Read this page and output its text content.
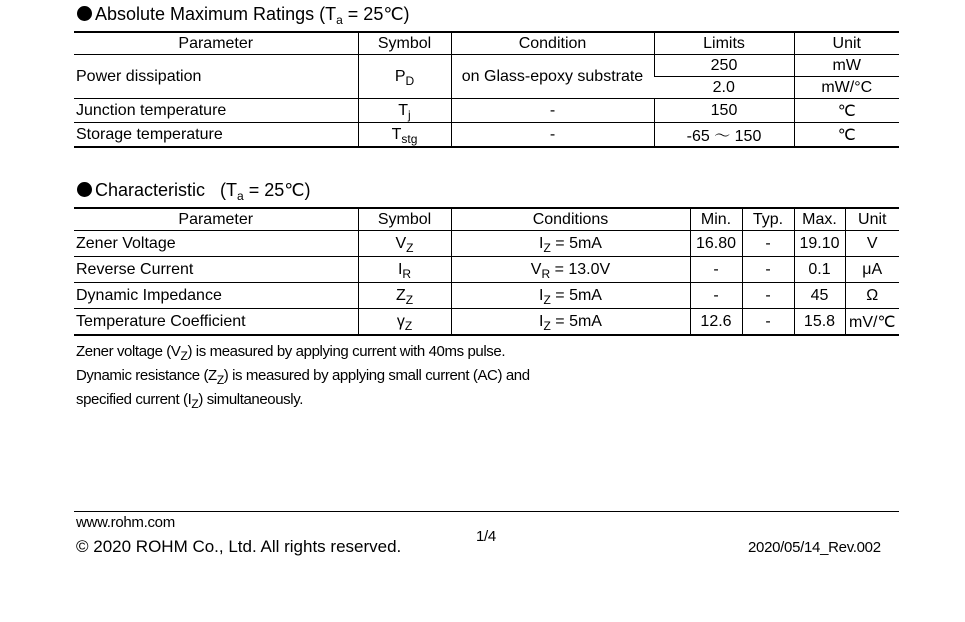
Absolute Maximum Ratings ($T_a$ = 25℃)
Parameter	Symbol	Condition	Limits	Unit
Power dissipation	$P_D$	on Glass-epoxy substrate	250	mW
			2.0	mW/°C
Junction temperature	$T_j$	-	150	℃
Storage temperature	$T_{stg}$	-	-65 ～ 150	℃
Characteristic ($T_a$ = 25℃)
Parameter	Symbol	Conditions	Min.	Typ.	Max.	Unit
Zener Voltage	$V_Z$	$I_Z = 5mA$	16.80	-	19.10	V
Reverse Current	$I_R$	$V_R = 13.0V$	-	-	0.1	μA
Dynamic Impedance	$Z_Z$	$I_Z = 5mA$	-	-	45	Ω
Temperature Coefficient	$\gamma_Z$	$I_Z = 5mA$	12.6	-	15.8	mV/℃
Zener voltage $(V_Z)$ is measured by applying current with 40ms pulse.
Dynamic resistance $(Z_Z)$ is measured by applying small current (AC) and
specified current $(I_Z)$ simultaneously.
www.rohm.com
© 2020 ROHM Co., Ltd. All rights reserved.
1/4
2020/05/14_Rev.002
